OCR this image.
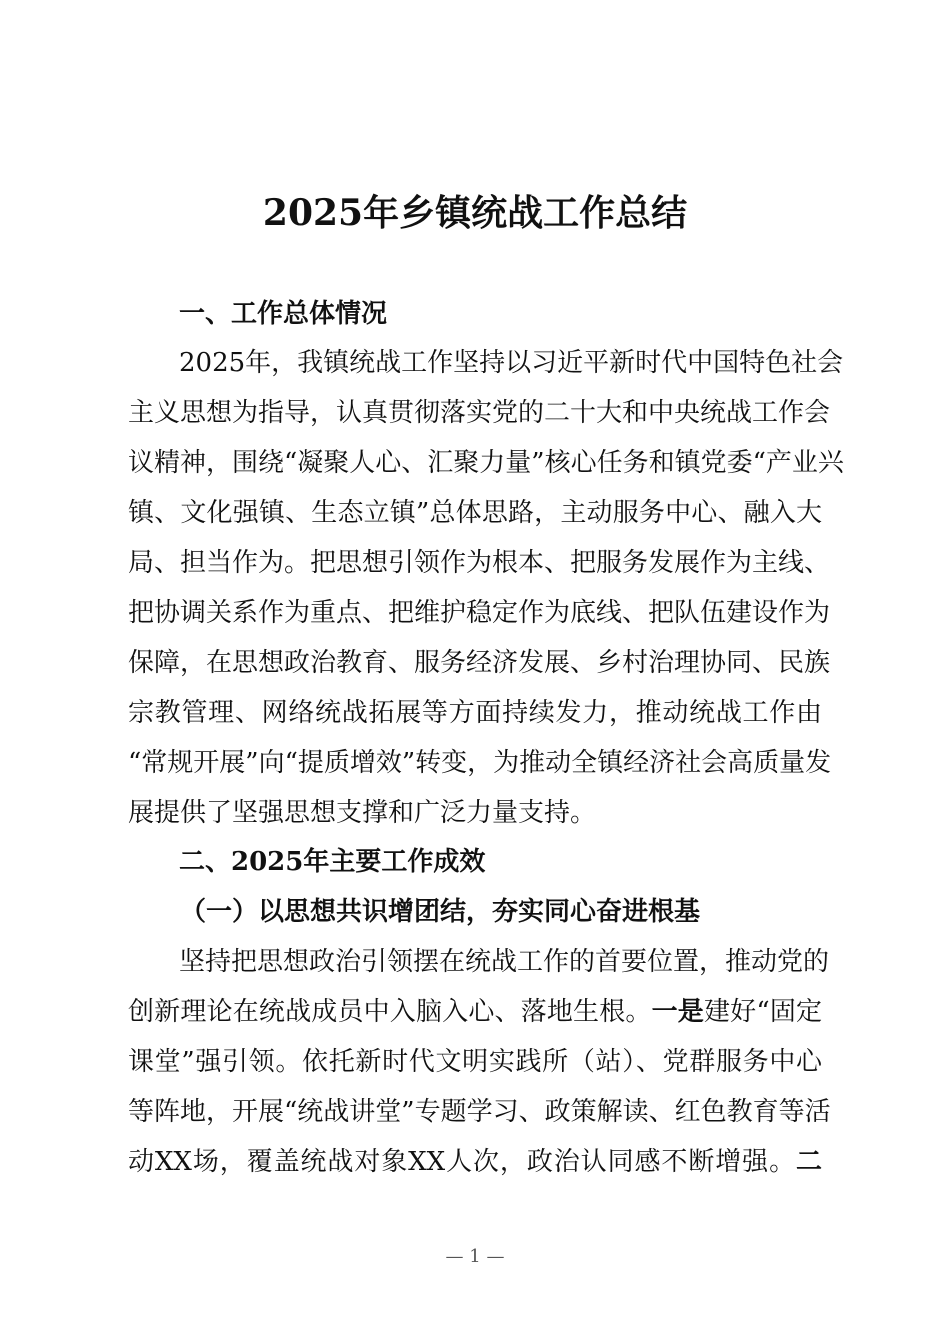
2025年乡镇统战工作总结
一、工作总体情况
2025年，我镇统战工作坚持以习近平新时代中国特色社会
主义思想为指导，认真贯彻落实党的二十大和中央统战工作会
议精神，围绕“凝聚人心、汇聚力量”核心任务和镇党委“产业兴
镇、文化强镇、生态立镇”总体思路，主动服务中心、融入大
局、担当作为。把思想引领作为根本、把服务发展作为主线、
把协调关系作为重点、把维护稳定作为底线、把队伍建设作为
保障，在思想政治教育、服务经济发展、乡村治理协同、民族
宗教管理、网络统战拓展等方面持续发力，推动统战工作由
“常规开展”向“提质增效”转变，为推动全镇经济社会高质量发
展提供了坚强思想支撑和广泛力量支持。
二、2025年主要工作成效
（一）以思想共识增团结，夯实同心奋进根基
坚持把思想政治引领摆在统战工作的首要位置，推动党的
创新理论在统战成员中入脑入心、落地生根。一是建好“固定
课堂”强引领。依托新时代文明实践所（站）、党群服务中心
等阵地，开展“统战讲堂”专题学习、政策解读、红色教育等活
动XX场，覆盖统战对象XX人次，政治认同感不断增强。二
— 1 —
